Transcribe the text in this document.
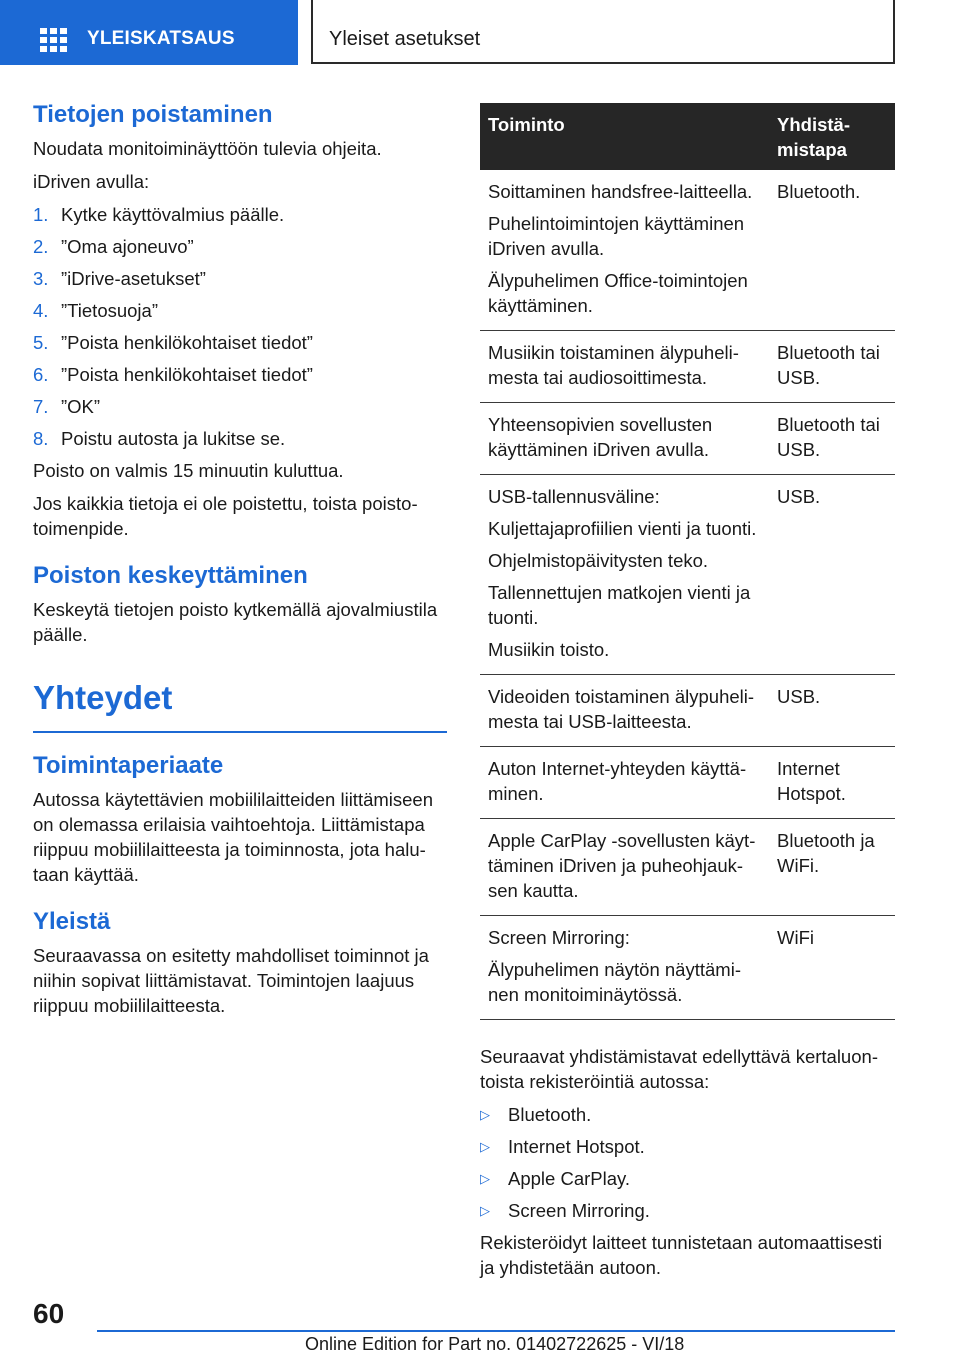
YLEISKATSAUS	Yleiset asetukset
Tietojen poistaminen

Noudata monitoiminäyttöön tulevia ohjeita.

iDriven avulla:

1. Kytke käyttövalmius päälle.
2. ”Oma ajoneuvo”
3. ”iDrive-asetukset”
4. ”Tietosuoja”
5. ”Poista henkilökohtaiset tiedot”
6. ”Poista henkilökohtaiset tiedot”
7. ”OK”
8. Poistu autosta ja lukitse se.

Poisto on valmis 15 minuutin kuluttua.

Jos kaikkia tietoja ei ole poistettu, toista poistotoimenpide.

Poiston keskeyttäminen

Keskeytä tietojen poisto kytkemällä ajovalmiustila päälle.

Yhteydet
Toimintaperiaate

Autossa käytettävien mobiililaitteiden liittämiseen on olemassa erilaisia vaihtoehtoja. Liittämistapa riippuu mobiililaitteesta ja toiminnosta, jota halutaan käyttää.

Yleistä

Seuraavassa on esitetty mahdolliset toiminnot ja niihin sopivat liittämistavat. Toimintojen laajuus riippuu mobiililaitteesta.

Toiminto	Yhdistämistapa

Soittaminen handsfree-laitteella.
Puhelintoimintojen käyttäminen iDriven avulla.
Älypuhelimen Office-toimintojen käyttäminen.	Bluetooth.

Musiikin toistaminen älypuhelimesta tai audiosoittimesta.	Bluetooth tai USB.

Yhteensopivien sovellusten käyttäminen iDriven avulla.	Bluetooth tai USB.

USB-tallennusväline:
Kuljettajaprofiilien vienti ja tuonti.
Ohjelmistopäivitysten teko.
Tallennettujen matkojen vienti ja tuonti.
Musiikin toisto.	USB.

Videoiden toistaminen älypuhelimesta tai USB-laitteesta.	USB.

Auton Internet-yhteyden käyttäminen.	Internet Hotspot.

Apple CarPlay -sovellusten käyttäminen iDriven ja puheohjauksen kautta.	Bluetooth ja WiFi.

Screen Mirroring:
Älypuhelimen näytön näyttäminen monitoiminäytössä.	WiFi

Seuraavat yhdistämistavat edellyttävä kertaluontoista rekisteröintiä autossa:

▷ Bluetooth.
▷ Internet Hotspot.
▷ Apple CarPlay.
▷ Screen Mirroring.

Rekisteröidyt laitteet tunnistetaan automaattisesti ja yhdistetään autoon.

60
Online Edition for Part no. 01402722625 - VI/18
